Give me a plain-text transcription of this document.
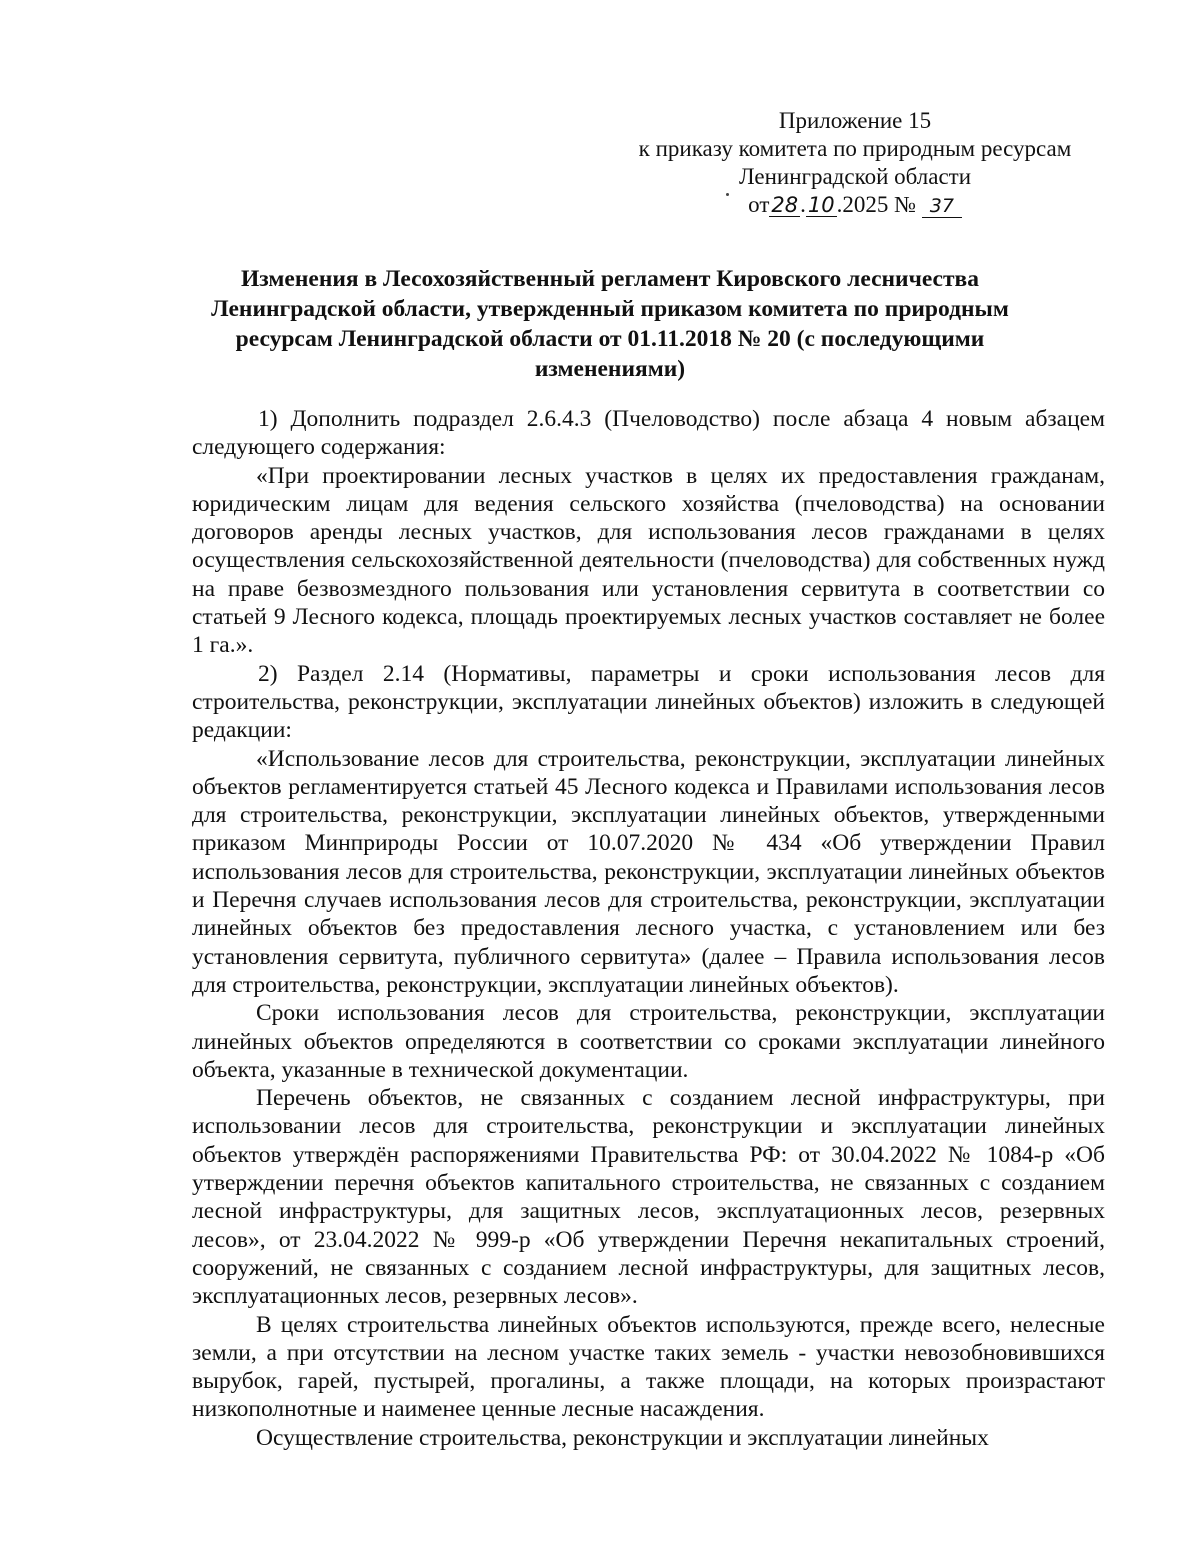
Приложение 15
к приказу комитета по природным ресурсам
Ленинградской области
от28.10.2025 № 37
Изменения в Лесохозяйственный регламент Кировского лесничества
Ленинградской области, утвержденный приказом комитета по природным
ресурсам Ленинградской области от 01.11.2018 № 20 (с последующими
изменениями)

1) Дополнить подраздел 2.6.4.3 (Пчеловодство) после абзаца 4 новым абзацем следующего содержания:

«При проектировании лесных участков в целях их предоставления гражданам, юридическим лицам для ведения сельского хозяйства (пчеловодства) на основании договоров аренды лесных участков, для использования лесов гражданами в целях осуществления сельскохозяйственной деятельности (пчеловодства) для собственных нужд на праве безвозмездного пользования или установления сервитута в соответствии со статьей 9 Лесного кодекса, площадь проектируемых лесных участков составляет не более 1 га.».

2) Раздел 2.14 (Нормативы, параметры и сроки использования лесов для строительства, реконструкции, эксплуатации линейных объектов) изложить в следующей редакции:

«Использование лесов для строительства, реконструкции, эксплуатации линейных объектов регламентируется статьей 45 Лесного кодекса и Правилами использования лесов для строительства, реконструкции, эксплуатации линейных объектов, утвержденными приказом Минприроды России от 10.07.2020 № 434 «Об утверждении Правил использования лесов для строительства, реконструкции, эксплуатации линейных объектов и Перечня случаев использования лесов для строительства, реконструкции, эксплуатации линейных объектов без предоставления лесного участка, с установлением или без установления сервитута, публичного сервитута» (далее – Правила использования лесов для строительства, реконструкции, эксплуатации линейных объектов).

Сроки использования лесов для строительства, реконструкции, эксплуатации линейных объектов определяются в соответствии со сроками эксплуатации линейного объекта, указанные в технической документации.

Перечень объектов, не связанных с созданием лесной инфраструктуры, при использовании лесов для строительства, реконструкции и эксплуатации линейных объектов утверждён распоряжениями Правительства РФ: от 30.04.2022 № 1084-р «Об утверждении перечня объектов капитального строительства, не связанных с созданием лесной инфраструктуры, для защитных лесов, эксплуатационных лесов, резервных лесов», от 23.04.2022 № 999-р «Об утверждении Перечня некапитальных строений, сооружений, не связанных с созданием лесной инфраструктуры, для защитных лесов, эксплуатационных лесов, резервных лесов».

В целях строительства линейных объектов используются, прежде всего, нелесные земли, а при отсутствии на лесном участке таких земель - участки невозобновившихся вырубок, гарей, пустырей, прогалины, а также площади, на которых произрастают низкополнотные и наименее ценные лесные насаждения.

Осуществление строительства, реконструкции и эксплуатации линейных
